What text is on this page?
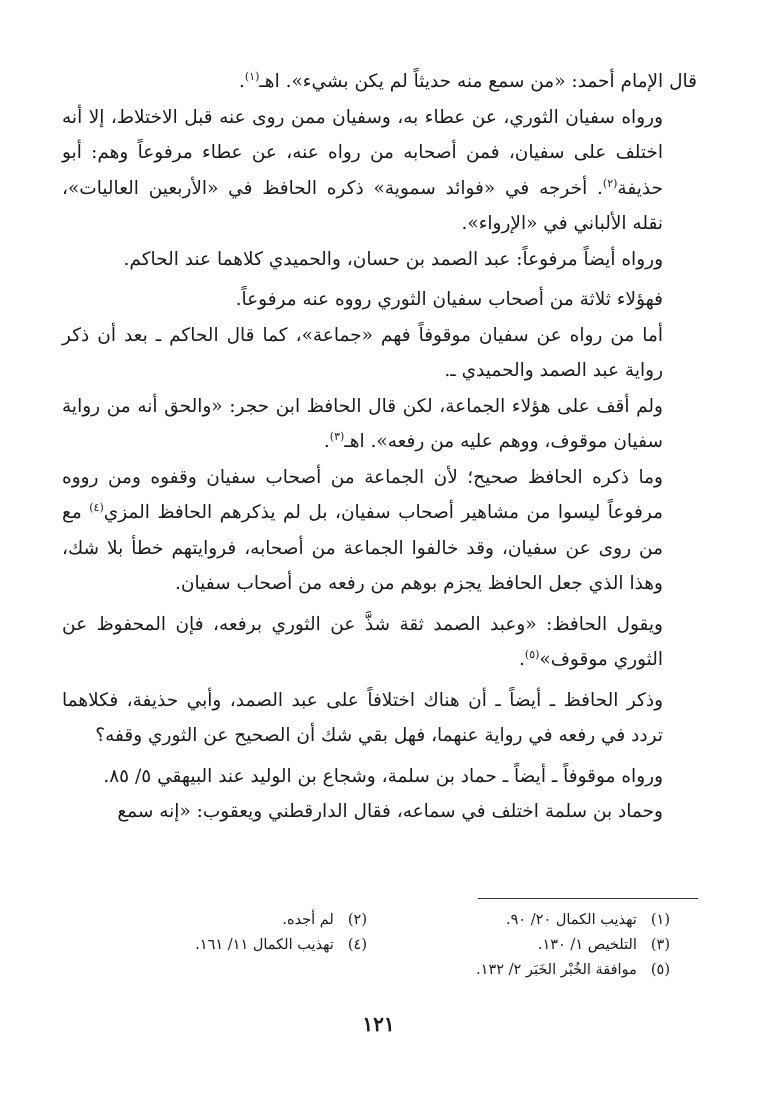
قال الإمام أحمد: «من سمع منه حديثاً لم يكن بشيء». اهـ$^{(١)}$.

ورواه سفيان الثوري، عن عطاء به، وسفيان ممن روى عنه قبل الاختلاط، إلا أنه اختلف على سفيان، فمن أصحابه من رواه عنه، عن عطاء مرفوعاً وهم: أبو حذيفة$^{(٢)}$. أخرجه في «فوائد سموية» ذكره الحافظ في «الأربعين العاليات»، نقله الألباني في «الإرواء».

ورواه أيضاً مرفوعاً: عبد الصمد بن حسان، والحميدي كلاهما عند الحاكم.

فهؤلاء ثلاثة من أصحاب سفيان الثوري رووه عنه مرفوعاً.

أما من رواه عن سفيان موقوفاً فهم «جماعة»، كما قال الحاكم ـ بعد أن ذكر رواية عبد الصمد والحميدي ـ.

ولم أقف على هؤلاء الجماعة، لكن قال الحافظ ابن حجر: «والحق أنه من رواية سفيان موقوف، ووهم عليه من رفعه». اهـ$^{(٣)}$.

وما ذكره الحافظ صحيح؛ لأن الجماعة من أصحاب سفيان وقفوه ومن رووه مرفوعاً ليسوا من مشاهير أصحاب سفيان، بل لم يذكرهم الحافظ المزي$^{(٤)}$ مع من روى عن سفيان، وقد خالفوا الجماعة من أصحابه، فروايتهم خطأ بلا شك، وهذا الذي جعل الحافظ يجزم بوهم من رفعه من أصحاب سفيان.

ويقول الحافظ: «وعبد الصمد ثقة شذَّ عن الثوري برفعه، فإن المحفوظ عن الثوري موقوف»$^{(٥)}$.

وذكر الحافظ ـ أيضاً ـ أن هناك اختلافاً على عبد الصمد، وأبي حذيفة، فكلاهما تردد في رفعه في رواية عنهما، فهل بقي شك أن الصحيح عن الثوري وقفه؟

ورواه موقوفاً ـ أيضاً ـ حماد بن سلمة، وشجاع بن الوليد عند البيهقي ٥/ ٨٥.

وحماد بن سلمة اختلف في سماعه، فقال الدارقطني ويعقوب: «إنه سمع

(١)تهذيب الكمال ٢٠/ ٩٠.
(٢)لم أجده.
(٣)التلخيص ١/ ١٣٠.
(٤)تهذيب الكمال ١١/ ١٦١.
(٥)موافقة الخُبْر الخَبَر ٢/ ١٣٢.
١٢١
